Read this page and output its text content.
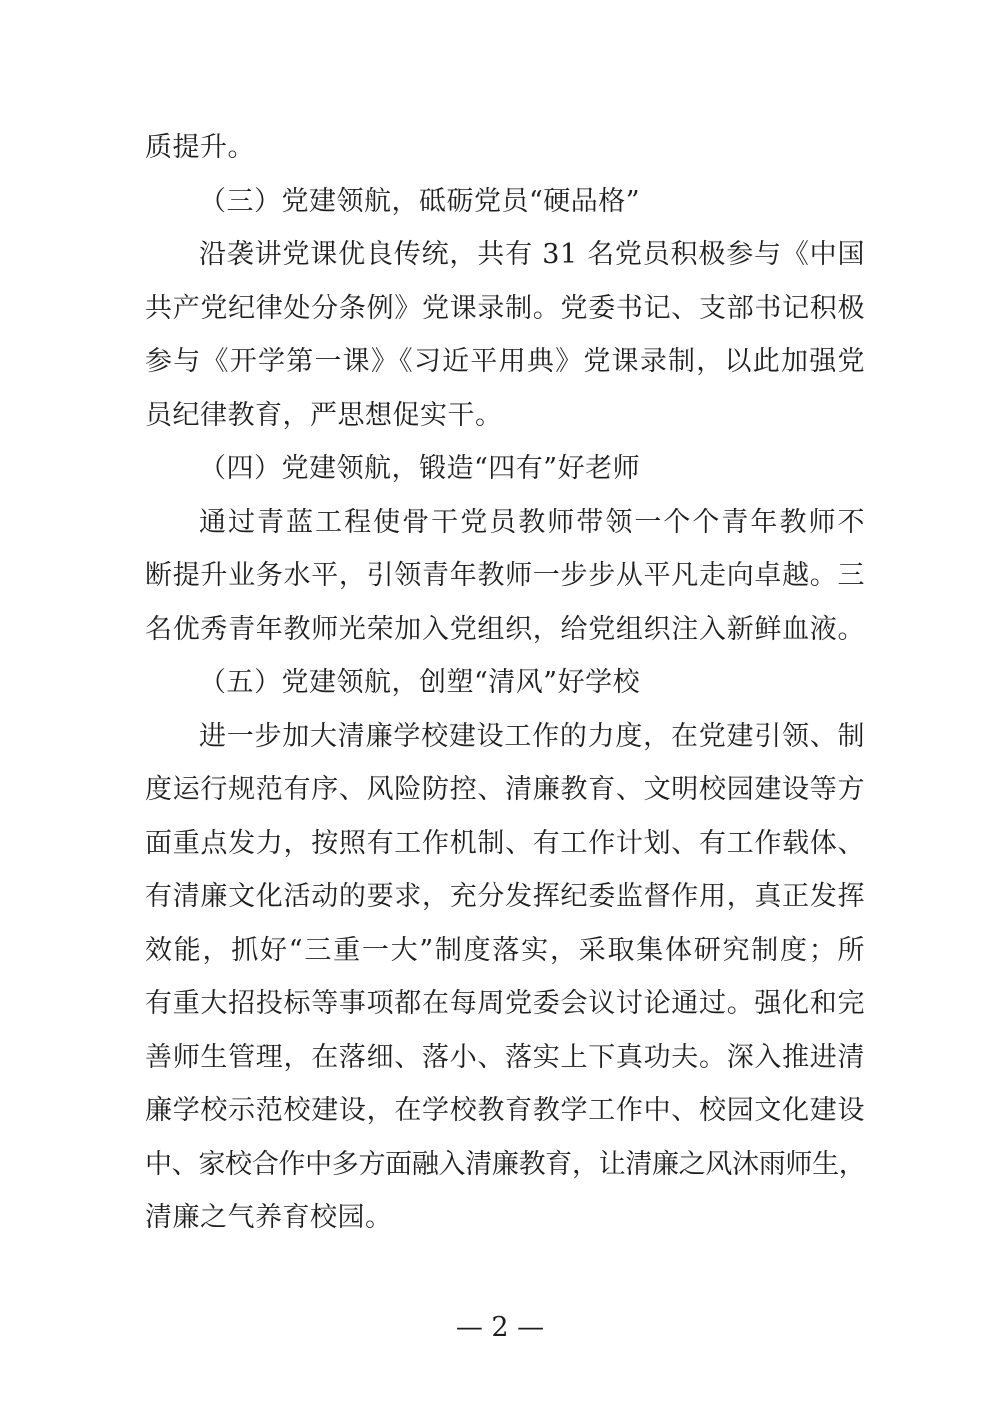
质提升。
（三）党建领航，砥砺党员“硬品格”
沿袭讲党课优良传统，共有 31 名党员积极参与《中国
共产党纪律处分条例》党课录制。党委书记、支部书记积极
参与《开学第一课》《习近平用典》党课录制，以此加强党
员纪律教育，严思想促实干。
（四）党建领航，锻造“四有”好老师
通过青蓝工程使骨干党员教师带领一个个青年教师不
断提升业务水平，引领青年教师一步步从平凡走向卓越。三
名优秀青年教师光荣加入党组织，给党组织注入新鲜血液。
（五）党建领航，创塑“清风”好学校
进一步加大清廉学校建设工作的力度，在党建引领、制
度运行规范有序、风险防控、清廉教育、文明校园建设等方
面重点发力，按照有工作机制、有工作计划、有工作载体、
有清廉文化活动的要求，充分发挥纪委监督作用，真正发挥
效能，抓好“三重一大”制度落实，采取集体研究制度；所
有重大招投标等事项都在每周党委会议讨论通过。强化和完
善师生管理，在落细、落小、落实上下真功夫。深入推进清
廉学校示范校建设，在学校教育教学工作中、校园文化建设
中、家校合作中多方面融入清廉教育，让清廉之风沐雨师生，
清廉之气养育校园。
— 2 —
